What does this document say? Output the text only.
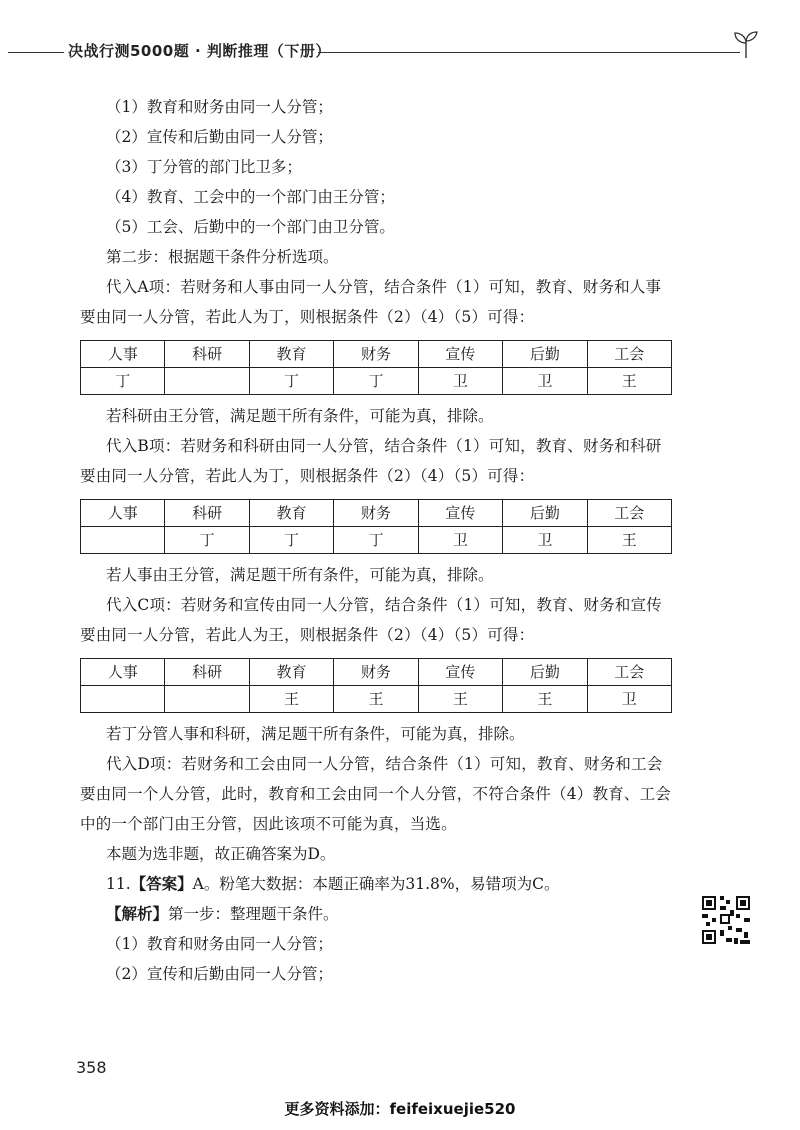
决战行测5000题 · 判断推理（下册）

（1）教育和财务由同一人分管；

（2）宣传和后勤由同一人分管；

（3）丁分管的部门比卫多；

（4）教育、工会中的一个部门由王分管；

（5）工会、后勤中的一个部门由卫分管。

第二步：根据题干条件分析选项。

代入A项：若财务和人事由同一人分管，结合条件（1）可知，教育、财务和人事要由同一人分管，若此人为丁，则根据条件（2）（4）（5）可得：

人事	科研	教育	财务	宣传	后勤	工会
丁		丁	丁	卫	卫	王

若科研由王分管，满足题干所有条件，可能为真，排除。

代入B项：若财务和科研由同一人分管，结合条件（1）可知，教育、财务和科研要由同一人分管，若此人为丁，则根据条件（2）（4）（5）可得：

人事	科研	教育	财务	宣传	后勤	工会
	丁	丁	丁	卫	卫	王

若人事由王分管，满足题干所有条件，可能为真，排除。

代入C项：若财务和宣传由同一人分管，结合条件（1）可知，教育、财务和宣传要由同一人分管，若此人为王，则根据条件（2）（4）（5）可得：

人事	科研	教育	财务	宣传	后勤	工会
		王	王	王	王	卫

若丁分管人事和科研，满足题干所有条件，可能为真，排除。

代入D项：若财务和工会由同一人分管，结合条件（1）可知，教育、财务和工会要由同一个人分管，此时，教育和工会由同一个人分管，不符合条件（4）教育、工会中的一个部门由王分管，因此该项不可能为真，当选。

本题为选非题，故正确答案为D。

11.【答案】A。粉笔大数据：本题正确率为31.8%，易错项为C。

【解析】第一步：整理题干条件。

（1）教育和财务由同一人分管；

（2）宣传和后勤由同一人分管；

358
更多资料添加：feifeixuejie520
